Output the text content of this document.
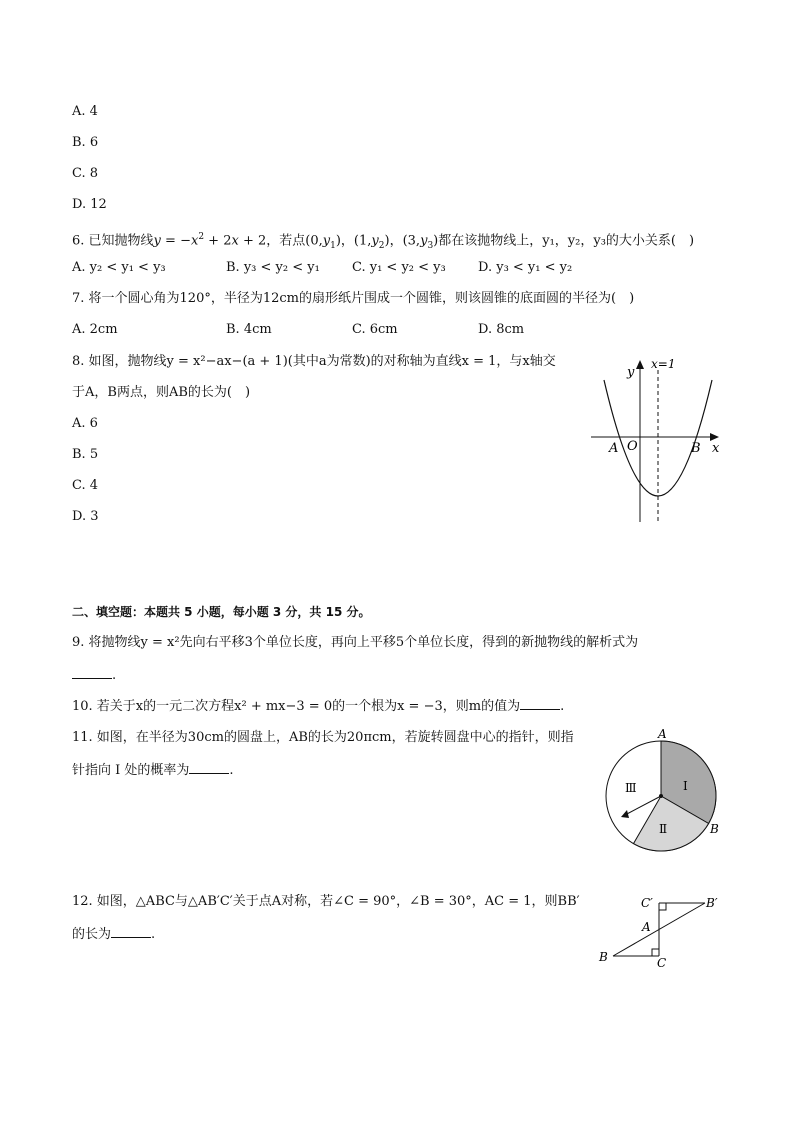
A. 4
B. 6
C. 8
D. 12
6. 已知抛物线$y = -x^2 + 2x + 2$，若点$(0,y_1)$，$(1,y_2)$，$(3,y_3)$都在该抛物线上，y₁，y₂，y₃的大小关系(　)
A. y₂ < y₁ < y₃	B. y₃ < y₂ < y₁ C. y₁ < y₂ < y₃ D. y₃ < y₁ < y₂
7. 将一个圆心角为120°，半径为12cm的扇形纸片围成一个圆锥，则该圆锥的底面圆的半径为(　)
A. 2cm	B. 4cm	C. 6cm	D. 8cm
8. 如图，抛物线y = x²−ax−(a + 1)(其中a为常数)的对称轴为直线x = 1，与x轴交
于A，B两点，则AB的长为(　)
A. 6
B. 5
C. 4
D. 3
x=1
y
x
A O	B
二、填空题：本题共 5 小题，每小题 3 分，共 15 分。
9. 将抛物线y = x²先向右平移3个单位长度，再向上平移5个单位长度，得到的新抛物线的解析式为
.
10. 若关于x的一元二次方程x² + mx−3 = 0的一个根为x = −3，则m的值为	.
11. 如图，在半径为30cm的圆盘上，AB的长为20πcm，若旋转圆盘中心的指针，则指
针指向 I 处的概率为	.
A
B
I
Ⅱ
Ⅲ
12. 如图，△ABC与△AB′C′关于点A对称，若∠C = 90°，∠B = 30°，AC = 1，则BB′
的长为	.
C′	B′
A
B	C
